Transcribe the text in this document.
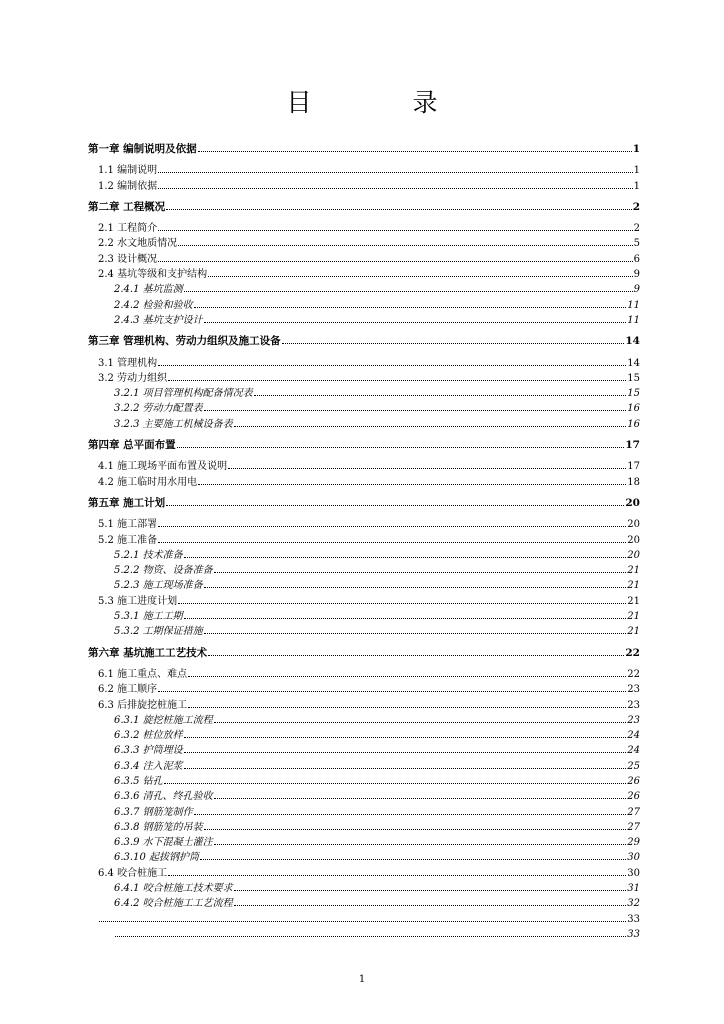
目　录
第一章 编制说明及依据	1
1.1 编制说明	1
1.2 编制依据	1
第二章 工程概况	2
2.1 工程简介	2
2.2 水文地质情况	5
2.3 设计概况	6
2.4 基坑等级和支护结构	9
2.4.1 基坑监测	9
2.4.2 检验和验收	11
2.4.3 基坑支护设计	11
第三章 管理机构、劳动力组织及施工设备	14
3.1 管理机构	14
3.2 劳动力组织	15
3.2.1 项目管理机构配备情况表	15
3.2.2 劳动力配置表	16
3.2.3 主要施工机械设备表	16
第四章 总平面布置	17
4.1 施工现场平面布置及说明	17
4.2 施工临时用水用电	18
第五章 施工计划	20
5.1 施工部署	20
5.2 施工准备	20
5.2.1 技术准备	20
5.2.2 物资、设备准备	21
5.2.3 施工现场准备	21
5.3 施工进度计划	21
5.3.1 施工工期	21
5.3.2 工期保证措施	21
第六章 基坑施工工艺技术	22
6.1 施工重点、难点	22
6.2 施工顺序	23
6.3 后排旋挖桩施工	23
6.3.1 旋挖桩施工流程	23
6.3.2 桩位放样	24
6.3.3 护筒埋设	24
6.3.4 注入泥浆	25
6.3.5 钻孔	26
6.3.6 清孔、终孔验收	26
6.3.7 钢筋笼制作	27
6.3.8 钢筋笼的吊装	27
6.3.9 水下混凝土灌注	29
6.3.10 起拔钢护筒	30
6.4 咬合桩施工	30
6.4.1 咬合桩施工技术要求	31
6.4.2 咬合桩施工工艺流程	32
33
33
1
